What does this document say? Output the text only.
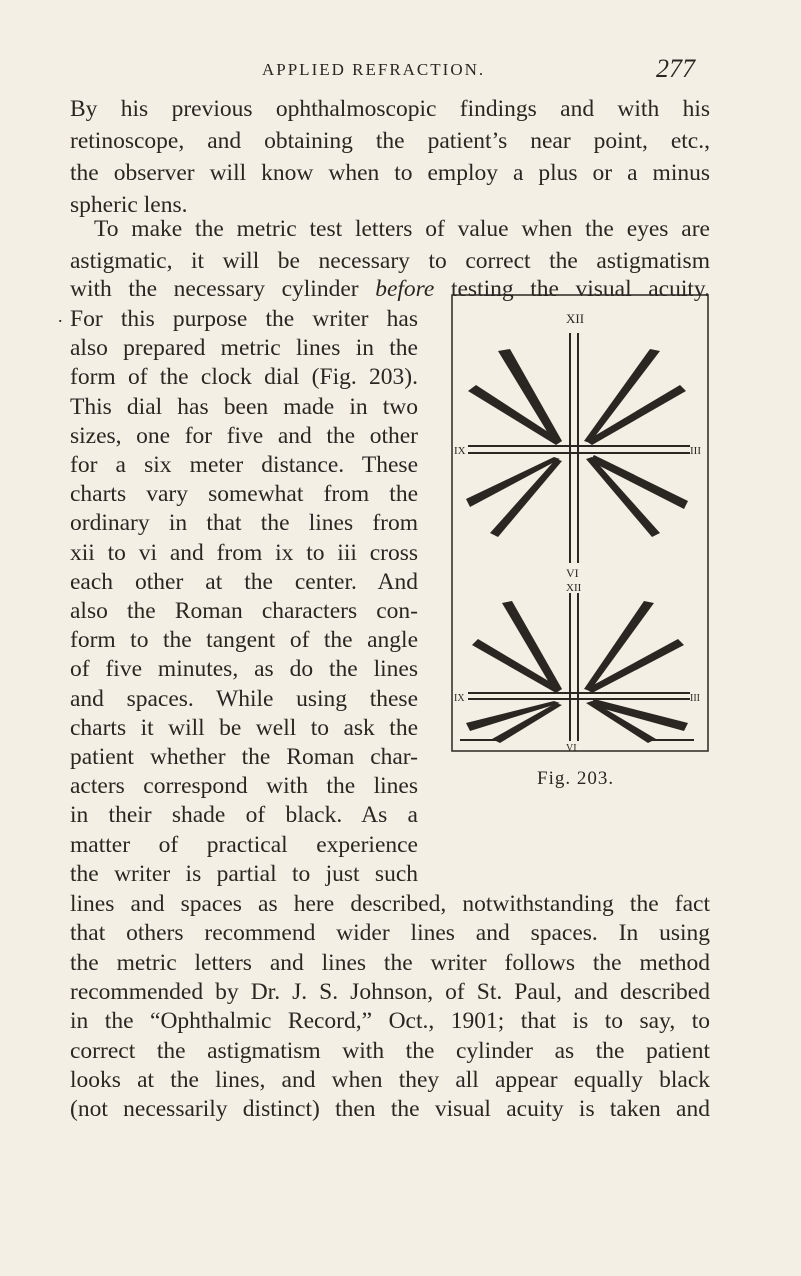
APPLIED REFRACTION.	277
By his previous ophthalmoscopic findings and with his
retinoscope, and obtaining the patient’s near point, etc.,
the observer will know when to employ a plus or a minus
spheric lens.
To make the metric test letters of value when the eyes are
astigmatic, it will be necessary to correct the astigmatism
with the necessary cylinder before testing the visual acuity.
For this purpose the writer has
also prepared metric lines in the
form of the clock dial (Fig. 203).
This dial has been made in two
sizes, one for five and the other
for a six meter distance. These
charts vary somewhat from the
ordinary in that the lines from
xii to vi and from ix to iii cross
each other at the center. And
also the Roman characters con-
form to the tangent of the angle
of five minutes, as do the lines
and spaces. While using these
charts it will be well to ask the
patient whether the Roman char-
acters correspond with the lines
in their shade of black. As a
matter of practical experience
the writer is partial to just such
lines and spaces as here described, notwithstanding the fact
that others recommend wider lines and spaces. In using
the metric letters and lines the writer follows the method
recommended by Dr. J. S. Johnson, of St. Paul, and described
in the “Ophthalmic Record,” Oct., 1901; that is to say, to
correct the astigmatism with the cylinder as the patient
looks at the lines, and when they all appear equally black
(not necessarily distinct) then the visual acuity is taken and
.	XII
VI
IX	III
XII
VI
IX	III
Fig. 203.
